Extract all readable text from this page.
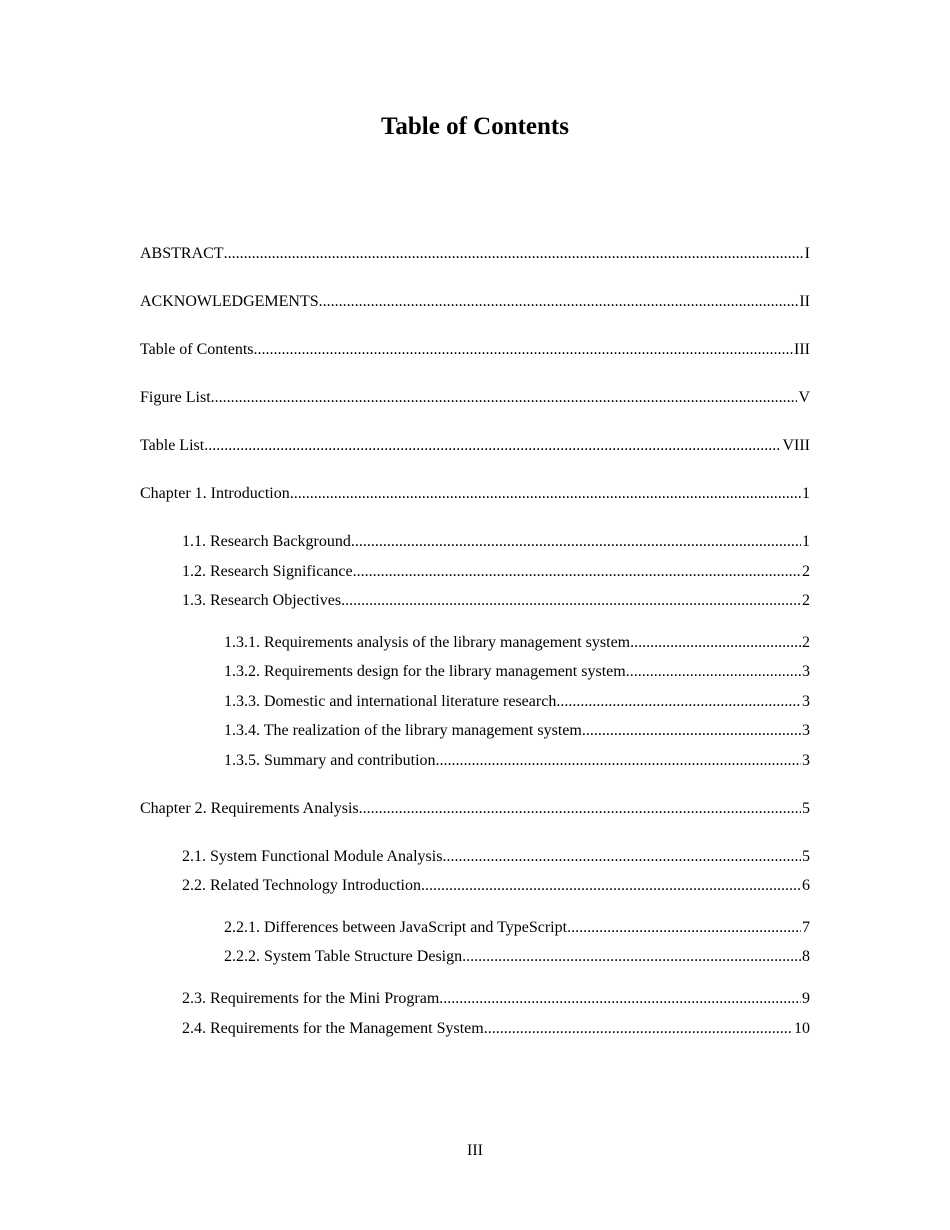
Table of Contents
ABSTRACT .....	I
ACKNOWLEDGEMENTS .....	II
Table of Contents .....	III
Figure List .....	V
Table List .....	VIII
Chapter 1. Introduction .....	1
1.1. Research Background .....	1
1.2. Research Significance .....	2
1.3. Research Objectives .....	2
1.3.1. Requirements analysis of the library management system .....	2
1.3.2. Requirements design for the library management system .....	3
1.3.3. Domestic and international literature research .....	3
1.3.4. The realization of the library management system .....	3
1.3.5. Summary and contribution .....	3
Chapter 2. Requirements Analysis .....	5
2.1. System Functional Module Analysis .....	5
2.2. Related Technology Introduction .....	6
2.2.1. Differences between JavaScript and TypeScript .....	7
2.2.2. System Table Structure Design .....	8
2.3. Requirements for the Mini Program .....	9
2.4. Requirements for the Management System .....	10
III
